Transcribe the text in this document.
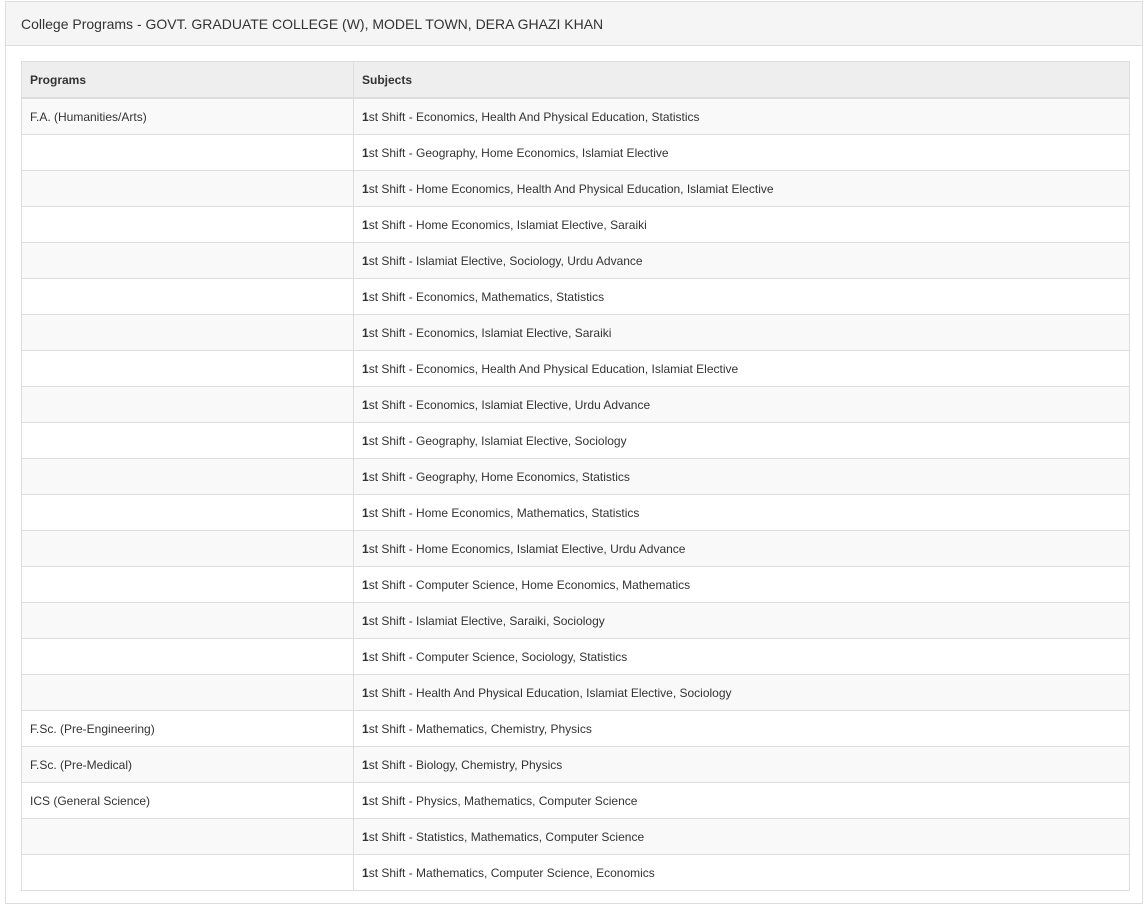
College Programs - GOVT. GRADUATE COLLEGE (W), MODEL TOWN, DERA GHAZI KHAN
Programs	Subjects
F.A. (Humanities/Arts)	1st Shift - Economics, Health And Physical Education, Statistics
	1st Shift - Geography, Home Economics, Islamiat Elective
	1st Shift - Home Economics, Health And Physical Education, Islamiat Elective
	1st Shift - Home Economics, Islamiat Elective, Saraiki
	1st Shift - Islamiat Elective, Sociology, Urdu Advance
	1st Shift - Economics, Mathematics, Statistics
	1st Shift - Economics, Islamiat Elective, Saraiki
	1st Shift - Economics, Health And Physical Education, Islamiat Elective
	1st Shift - Economics, Islamiat Elective, Urdu Advance
	1st Shift - Geography, Islamiat Elective, Sociology
	1st Shift - Geography, Home Economics, Statistics
	1st Shift - Home Economics, Mathematics, Statistics
	1st Shift - Home Economics, Islamiat Elective, Urdu Advance
	1st Shift - Computer Science, Home Economics, Mathematics
	1st Shift - Islamiat Elective, Saraiki, Sociology
	1st Shift - Computer Science, Sociology, Statistics
	1st Shift - Health And Physical Education, Islamiat Elective, Sociology
F.Sc. (Pre-Engineering)	1st Shift - Mathematics, Chemistry, Physics
F.Sc. (Pre-Medical)	1st Shift - Biology, Chemistry, Physics
ICS (General Science)	1st Shift - Physics, Mathematics, Computer Science
	1st Shift - Statistics, Mathematics, Computer Science
	1st Shift - Mathematics, Computer Science, Economics
